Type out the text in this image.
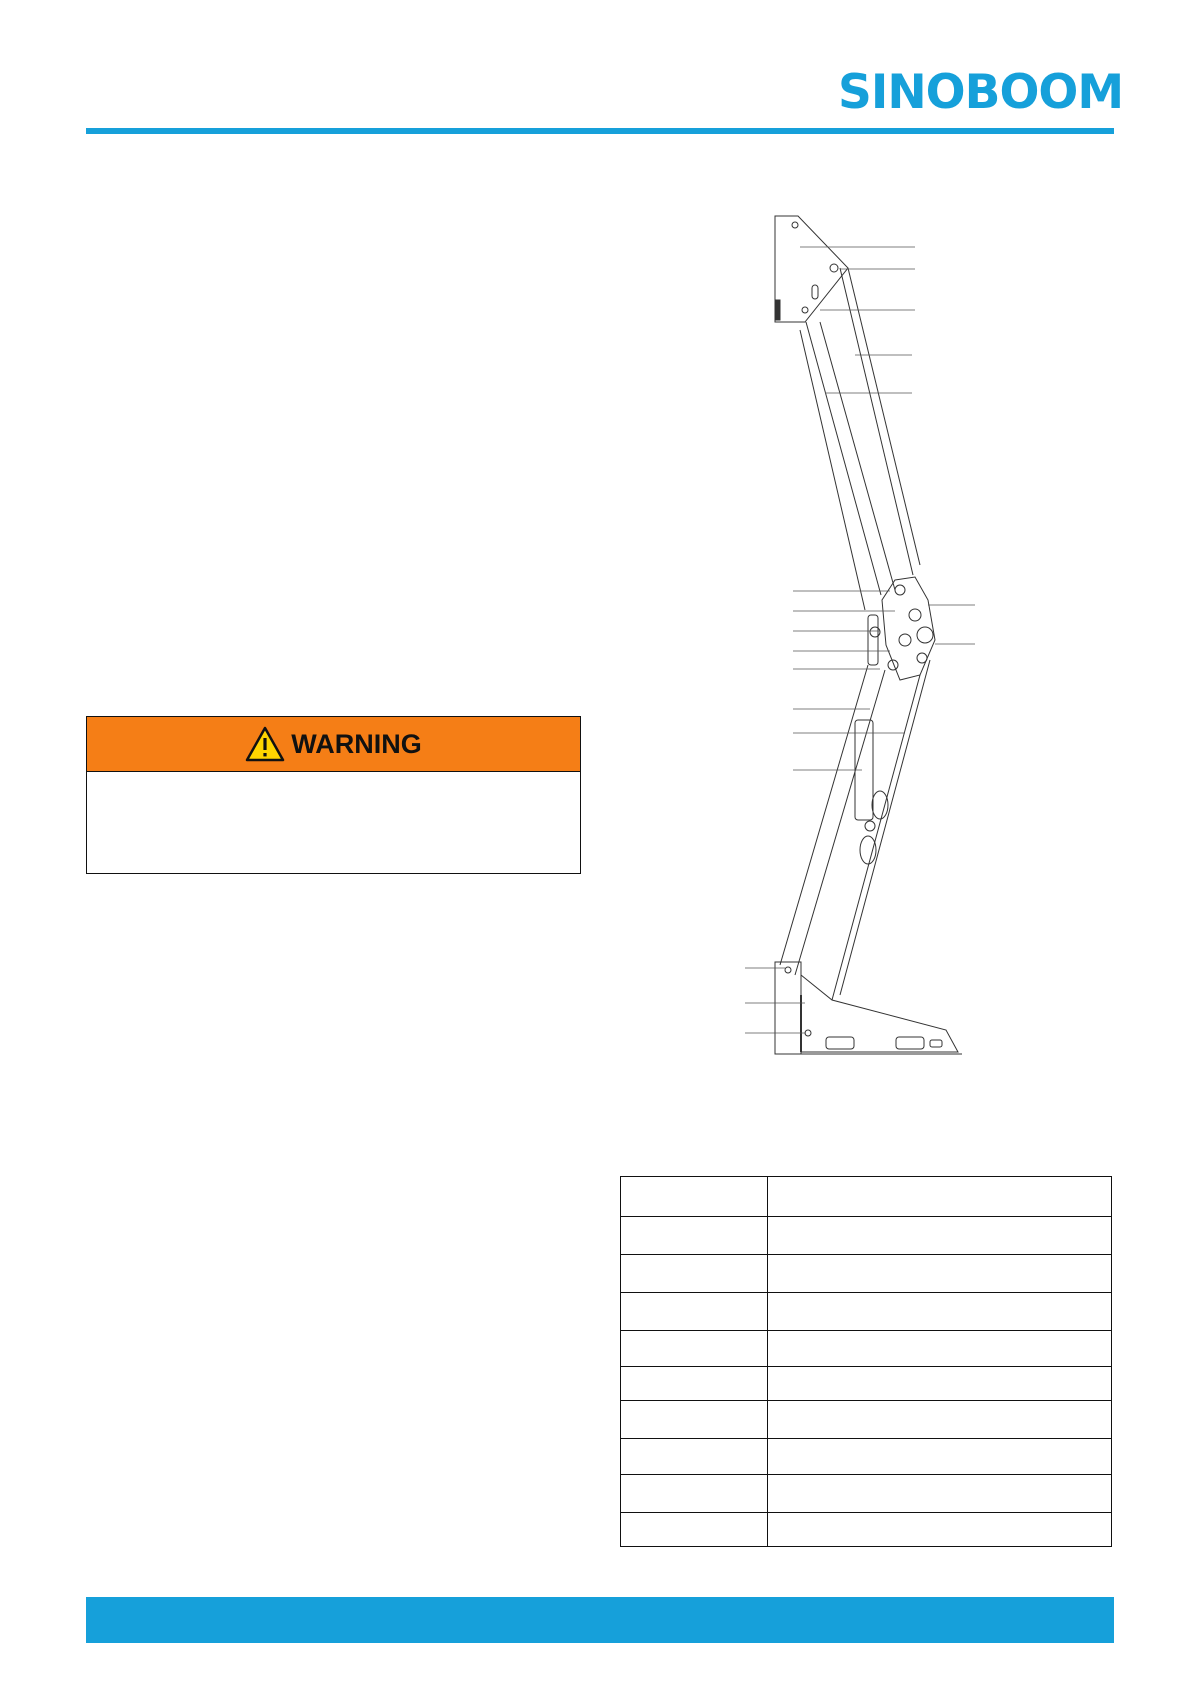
SINOBOOM
WARNING
